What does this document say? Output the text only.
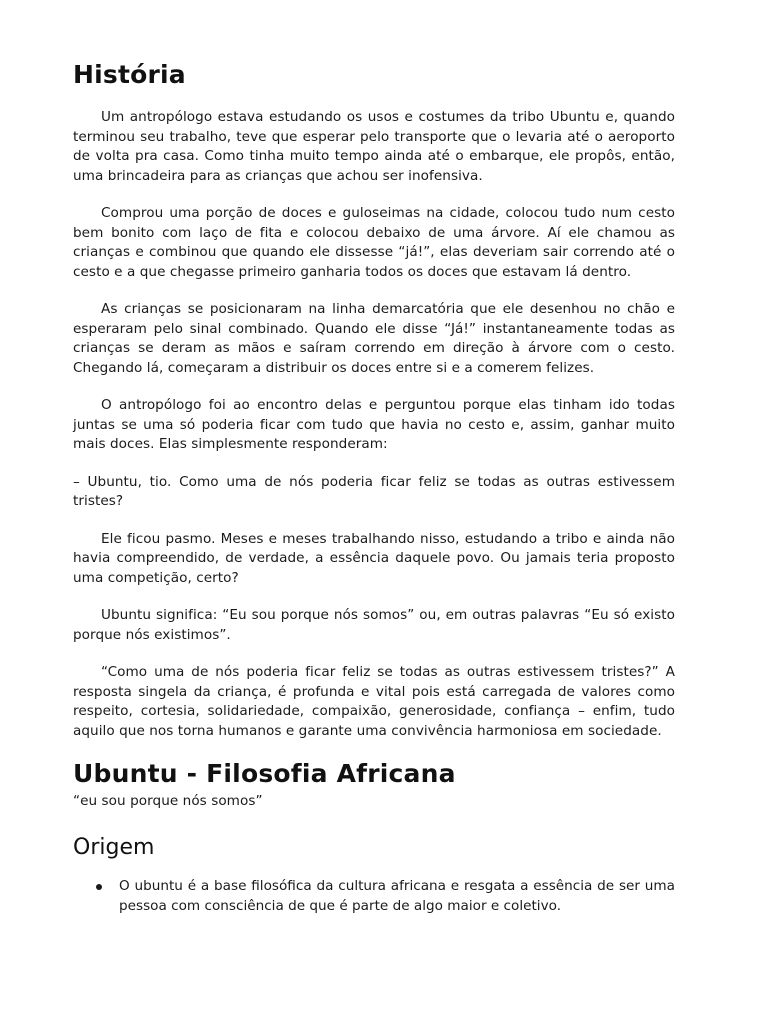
História

Um antropólogo estava estudando os usos e costumes da tribo Ubuntu e, quando terminou seu trabalho, teve que esperar pelo transporte que o levaria até o aeroporto de volta pra casa. Como tinha muito tempo ainda até o embarque, ele propôs, então, uma brincadeira para as crianças que achou ser inofensiva.

Comprou uma porção de doces e guloseimas na cidade, colocou tudo num cesto bem bonito com laço de fita e colocou debaixo de uma árvore. Aí ele chamou as crianças e combinou que quando ele dissesse “já!”, elas deveriam sair correndo até o cesto e a que chegasse primeiro ganharia todos os doces que estavam lá dentro.

As crianças se posicionaram na linha demarcatória que ele desenhou no chão e esperaram pelo sinal combinado. Quando ele disse “Já!” instantaneamente todas as crianças se deram as mãos e saíram correndo em direção à árvore com o cesto. Chegando lá, começaram a distribuir os doces entre si e a comerem felizes.

O antropólogo foi ao encontro delas e perguntou porque elas tinham ido todas juntas se uma só poderia ficar com tudo que havia no cesto e, assim, ganhar muito mais doces. Elas simplesmente responderam:

– Ubuntu, tio. Como uma de nós poderia ficar feliz se todas as outras estivessem tristes?

Ele ficou pasmo. Meses e meses trabalhando nisso, estudando a tribo e ainda não havia compreendido, de verdade, a essência daquele povo. Ou jamais teria proposto uma competição, certo?

Ubuntu significa: “Eu sou porque nós somos” ou, em outras palavras “Eu só existo porque nós existimos”.

“Como uma de nós poderia ficar feliz se todas as outras estivessem tristes?” A resposta singela da criança, é profunda e vital pois está carregada de valores como respeito, cortesia, solidariedade, compaixão, generosidade, confiança – enfim, tudo aquilo que nos torna humanos e garante uma convivência harmoniosa em sociedade.

Ubuntu - Filosofia Africana

“eu sou porque nós somos”

Origem
O ubuntu é a base filosófica da cultura africana e resgata a essência de ser uma pessoa com consciência de que é parte de algo maior e coletivo.
